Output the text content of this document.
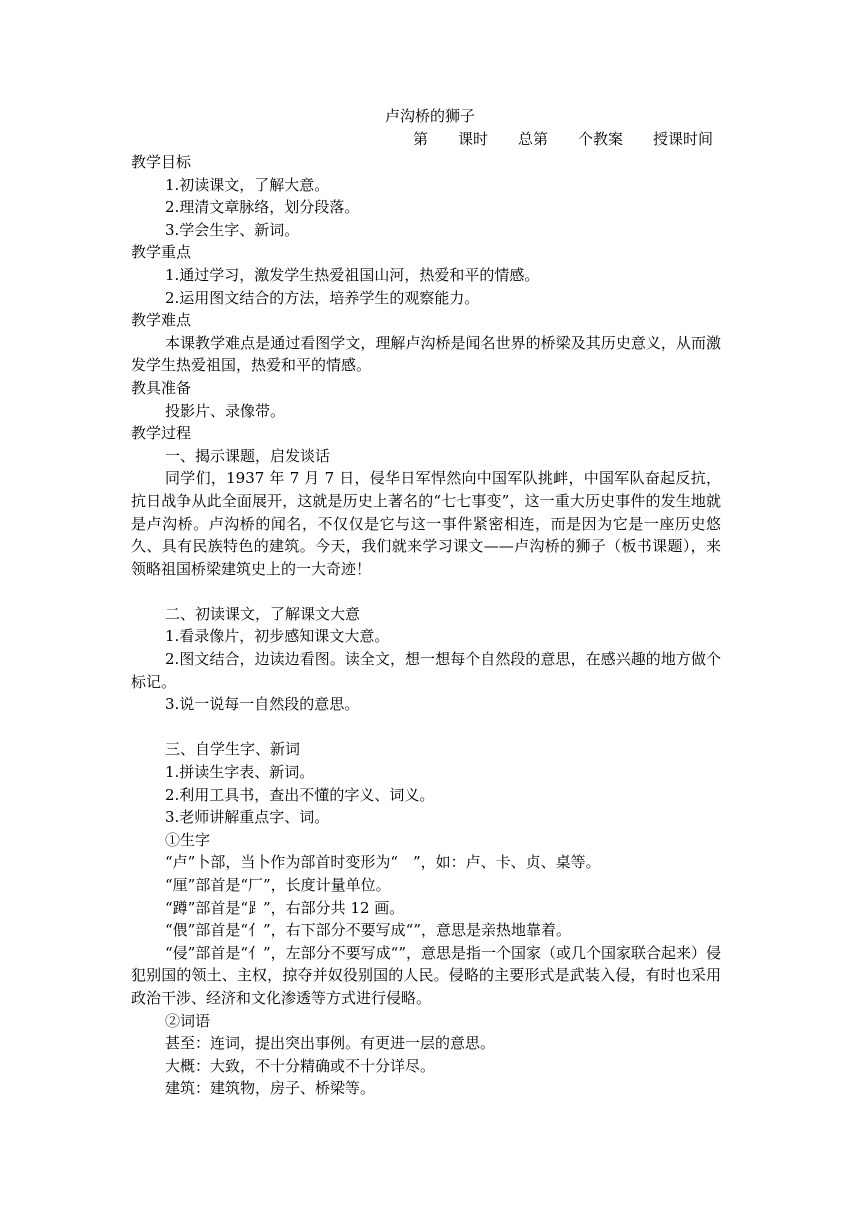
卢沟桥的狮子
第　　课时　　总第　　个教案　　授课时间

教学目标

1.初读课文，了解大意。

2.理清文章脉络，划分段落。

3.学会生字、新词。

教学重点

1.通过学习，激发学生热爱祖国山河，热爱和平的情感。

2.运用图文结合的方法，培养学生的观察能力。

教学难点

本课教学难点是通过看图学文，理解卢沟桥是闻名世界的桥梁及其历史意义，从而激发学生热爱祖国，热爱和平的情感。

教具准备

投影片、录像带。

教学过程

一、揭示课题，启发谈话

同学们，1937 年 7 月 7 日，侵华日军悍然向中国军队挑衅，中国军队奋起反抗，抗日战争从此全面展开，这就是历史上著名的“七七事变”，这一重大历史事件的发生地就是卢沟桥。卢沟桥的闻名，不仅仅是它与这一事件紧密相连，而是因为它是一座历史悠久、具有民族特色的建筑。今天，我们就来学习课文——卢沟桥的狮子（板书课题），来领略祖国桥梁建筑史上的一大奇迹！

二、初读课文，了解课文大意

1.看录像片，初步感知课文大意。

2.图文结合，边读边看图。读全文，想一想每个自然段的意思，在感兴趣的地方做个标记。

3.说一说每一自然段的意思。

三、自学生字、新词

1.拼读生字表、新词。

2.利用工具书，查出不懂的字义、词义。

3.老师讲解重点字、词。

①生字

“卢”卜部，当卜作为部首时变形为“　”，如：卢、卡、贞、桌等。

“厘”部首是“厂”，长度计量单位。

“蹲”部首是“⻊”，右部分共 12 画。

“偎”部首是“亻”，右下部分不要写成“”，意思是亲热地靠着。

“侵”部首是“亻”，左部分不要写成“”，意思是指一个国家（或几个国家联合起来）侵犯别国的领土、主权，掠夺并奴役别国的人民。侵略的主要形式是武装入侵，有时也采用政治干涉、经济和文化渗透等方式进行侵略。

②词语

甚至：连词，提出突出事例。有更进一层的意思。

大概：大致，不十分精确或不十分详尽。

建筑：建筑物，房子、桥梁等。
